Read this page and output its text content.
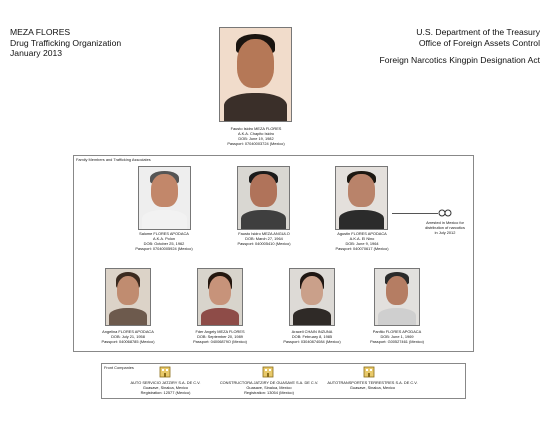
MEZA FLORES
Drug Trafficking Organization
January 2013
U.S. Department of the Treasury
Office of Foreign Assets Control
Foreign Narcotics Kingpin Designation Act
Fausto Isidro MEZA FLORES
A.K.A. Chapito Isidro
DOB: June 19, 1982
Passport: 07040003724 (Mexico)
Family Members and Trafficking Associates
Salome FLORES APODACA
A.K.A. Polon
DOB: October 25, 1962
Passport: 07040005924 (Mexico)
Fausto Isidro MEZA ANGULO
DOB: March 27, 1964
Passport: 040005410 (Mexico)
Agustin FLORES APODACA
A.K.A. El Nino
DOB: June 9, 1964
Passport: 040070617 (Mexico)
Arrested in Mexico for
distribution of narcotics
in July 2012
Angelina FLORES APODACA
DOB: July 21, 1958
Passport: 040068785 (Mexico)
Fder Angely MEZA FLORES
DOB: September 20, 1989
Passport: 04006879O (Mexico)
Araceli CHAIN INZUNA
DOB: February 8, 1985
Passport: 03040874084 (Mexico)
Panfilo FLORES APODACA
DOB: June 1, 1969
Passport: G00527461 (Mexico)
Front Companies
AUTO SERVICIO JATZIRY S.A. DE C.V.
Guasave, Sinaloa, Mexico
Registration: 12577 (Mexico)
CONSTRUCTORA JATZIRY DE GUASAVE S.A. DE C.V.
Guasave, Sinaloa, Mexico
Registration: 13054 (Mexico)
AUTOTRANSPORTES TERRESTRES S.A. DE C.V.
Guasave, Sinaloa, Mexico
